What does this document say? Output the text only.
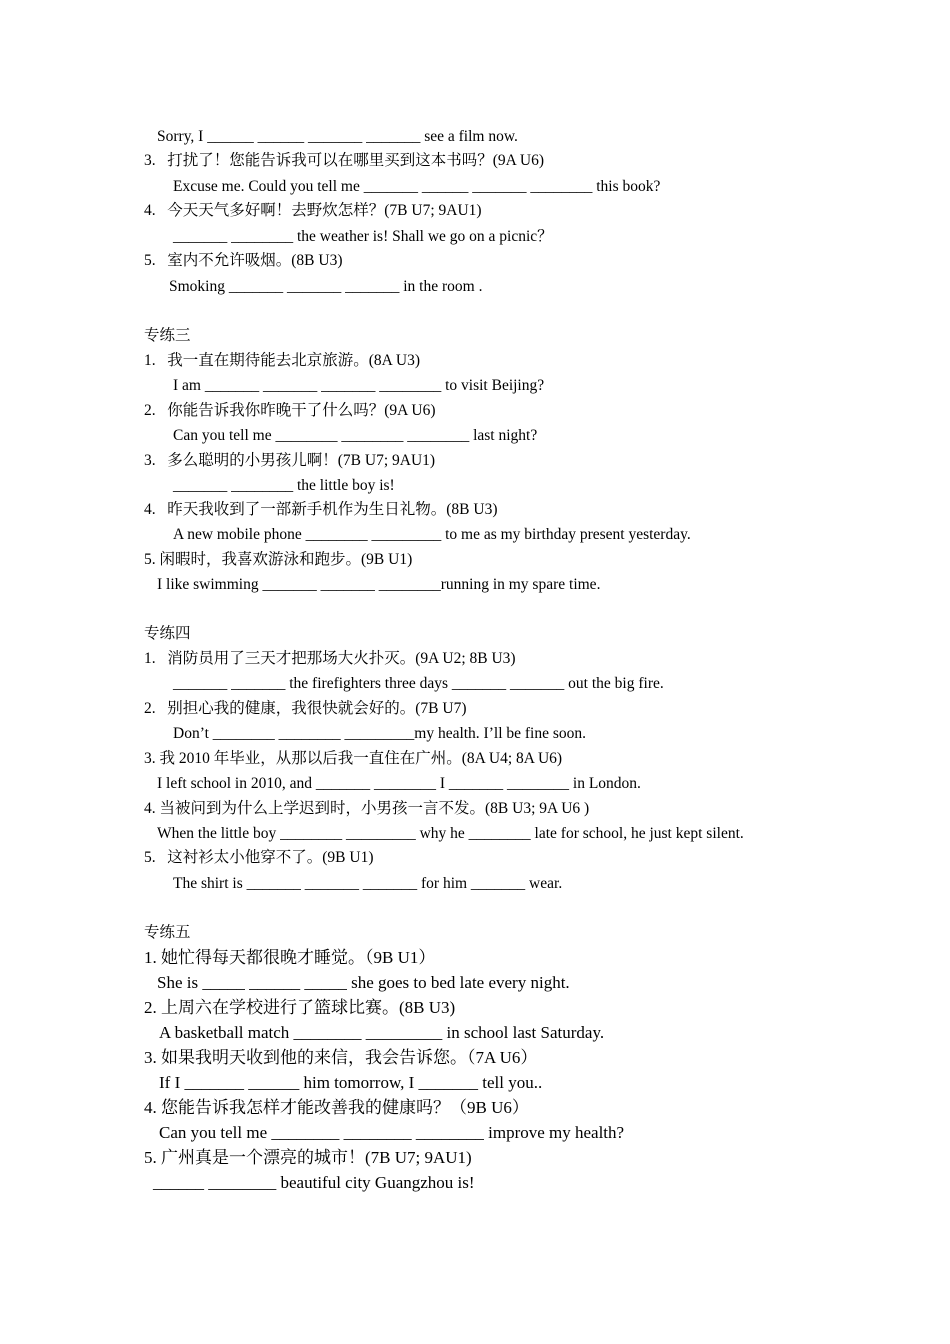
Sorry, I ______ ______ _______ _______ see a film now.
3.   打扰了！您能告诉我可以在哪里买到这本书吗？(9A U6)
Excuse me. Could you tell me _______ ______ _______ ________ this book?
4.   今天天气多好啊！去野炊怎样？(7B U7; 9AU1)
_______ ________ the weather is! Shall we go on a picnic？
5.   室内不允许吸烟。(8B U3)
Smoking _______ _______ _______ in the room .
专练三
1.   我一直在期待能去北京旅游。(8A U3)
I am _______ _______ _______ ________ to visit Beijing?
2.   你能告诉我你昨晚干了什么吗？(9A U6)
Can you tell me ________ ________ ________ last night?
3.   多么聪明的小男孩儿啊！(7B U7; 9AU1)
_______ ________ the little boy is!
4.   昨天我收到了一部新手机作为生日礼物。(8B U3)
A new mobile phone ________ _________ to me as my birthday present yesterday.
5. 闲暇时，我喜欢游泳和跑步。(9B U1)
I like swimming _______ _______ ________running in my spare time.
专练四
1.   消防员用了三天才把那场大火扑灭。(9A U2; 8B U3)
_______ _______ the firefighters three days _______ _______ out the big fire.
2.   别担心我的健康，我很快就会好的。(7B U7)
Don’t ________ ________ _________my health. I’ll be fine soon.
3. 我 2010 年毕业，从那以后我一直住在广州。(8A U4; 8A U6)
I left school in 2010, and _______ ________ I _______ ________ in London.
4. 当被问到为什么上学迟到时，小男孩一言不发。(8B U3; 9A U6 )
When the little boy ________ _________ why he ________ late for school, he just kept silent.
5.   这衬衫太小他穿不了。(9B U1)
The shirt is _______ _______ _______ for him _______ wear.
专练五
1. 她忙得每天都很晚才睡觉。（9B U1）
She is _____ ______ _____ she goes to bed late every night.
2. 上周六在学校进行了篮球比赛。(8B U3)
A basketball match ________ _________ in school last Saturday.
3. 如果我明天收到他的来信，我会告诉您。（7A U6）
If I _______ ______ him tomorrow, I _______ tell you..
4. 您能告诉我怎样才能改善我的健康吗？（9B U6）
Can you tell me ________ ________ ________ improve my health?
5. 广州真是一个漂亮的城市！(7B U7; 9AU1)
______ ________ beautiful city Guangzhou is!
